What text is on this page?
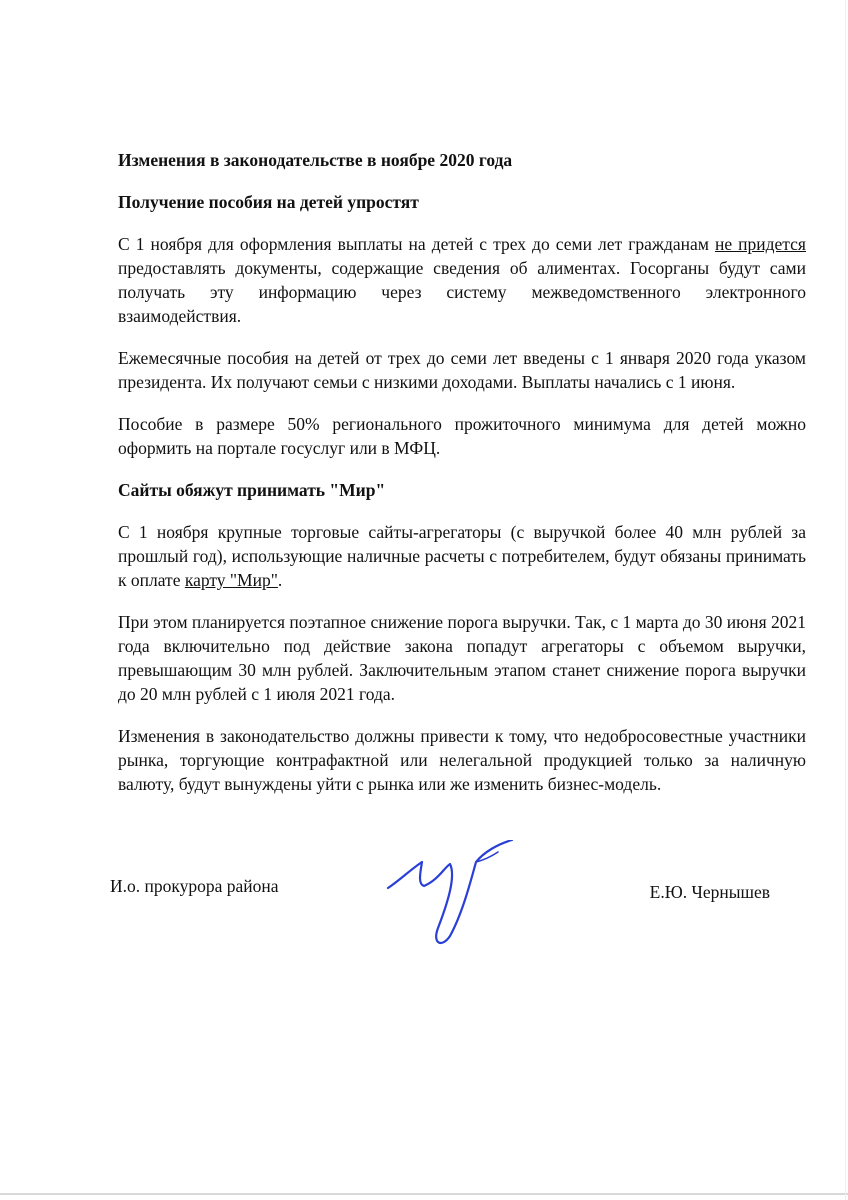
Изменения в законодательстве в ноябре 2020 года

Получение пособия на детей упростят

С 1 ноября для оформления выплаты на детей с трех до семи лет гражданам не придется предоставлять документы, содержащие сведения об алиментах. Госорганы будут сами получать эту информацию через систему межведомственного электронного взаимодействия.

Ежемесячные пособия на детей от трех до семи лет введены с 1 января 2020 года указом президента. Их получают семьи с низкими доходами. Выплаты начались с 1 июня.

Пособие в размере 50% регионального прожиточного минимума для детей можно оформить на портале госуслуг или в МФЦ.

Сайты обяжут принимать "Мир"

С 1 ноября крупные торговые сайты-агрегаторы (с выручкой более 40 млн рублей за прошлый год), использующие наличные расчеты с потребителем, будут обязаны принимать к оплате карту "Мир".

При этом планируется поэтапное снижение порога выручки. Так, с 1 марта до 30 июня 2021 года включительно под действие закона попадут агрегаторы с объемом выручки, превышающим 30 млн рублей. Заключительным этапом станет снижение порога выручки до 20 млн рублей с 1 июля 2021 года.

Изменения в законодательство должны привести к тому, что недобросовестные участники рынка, торгующие контрафактной или нелегальной продукцией только за наличную валюту, будут вынуждены уйти с рынка или же изменить бизнес-модель.

И.о. прокурора района	Е.Ю. Чернышев
